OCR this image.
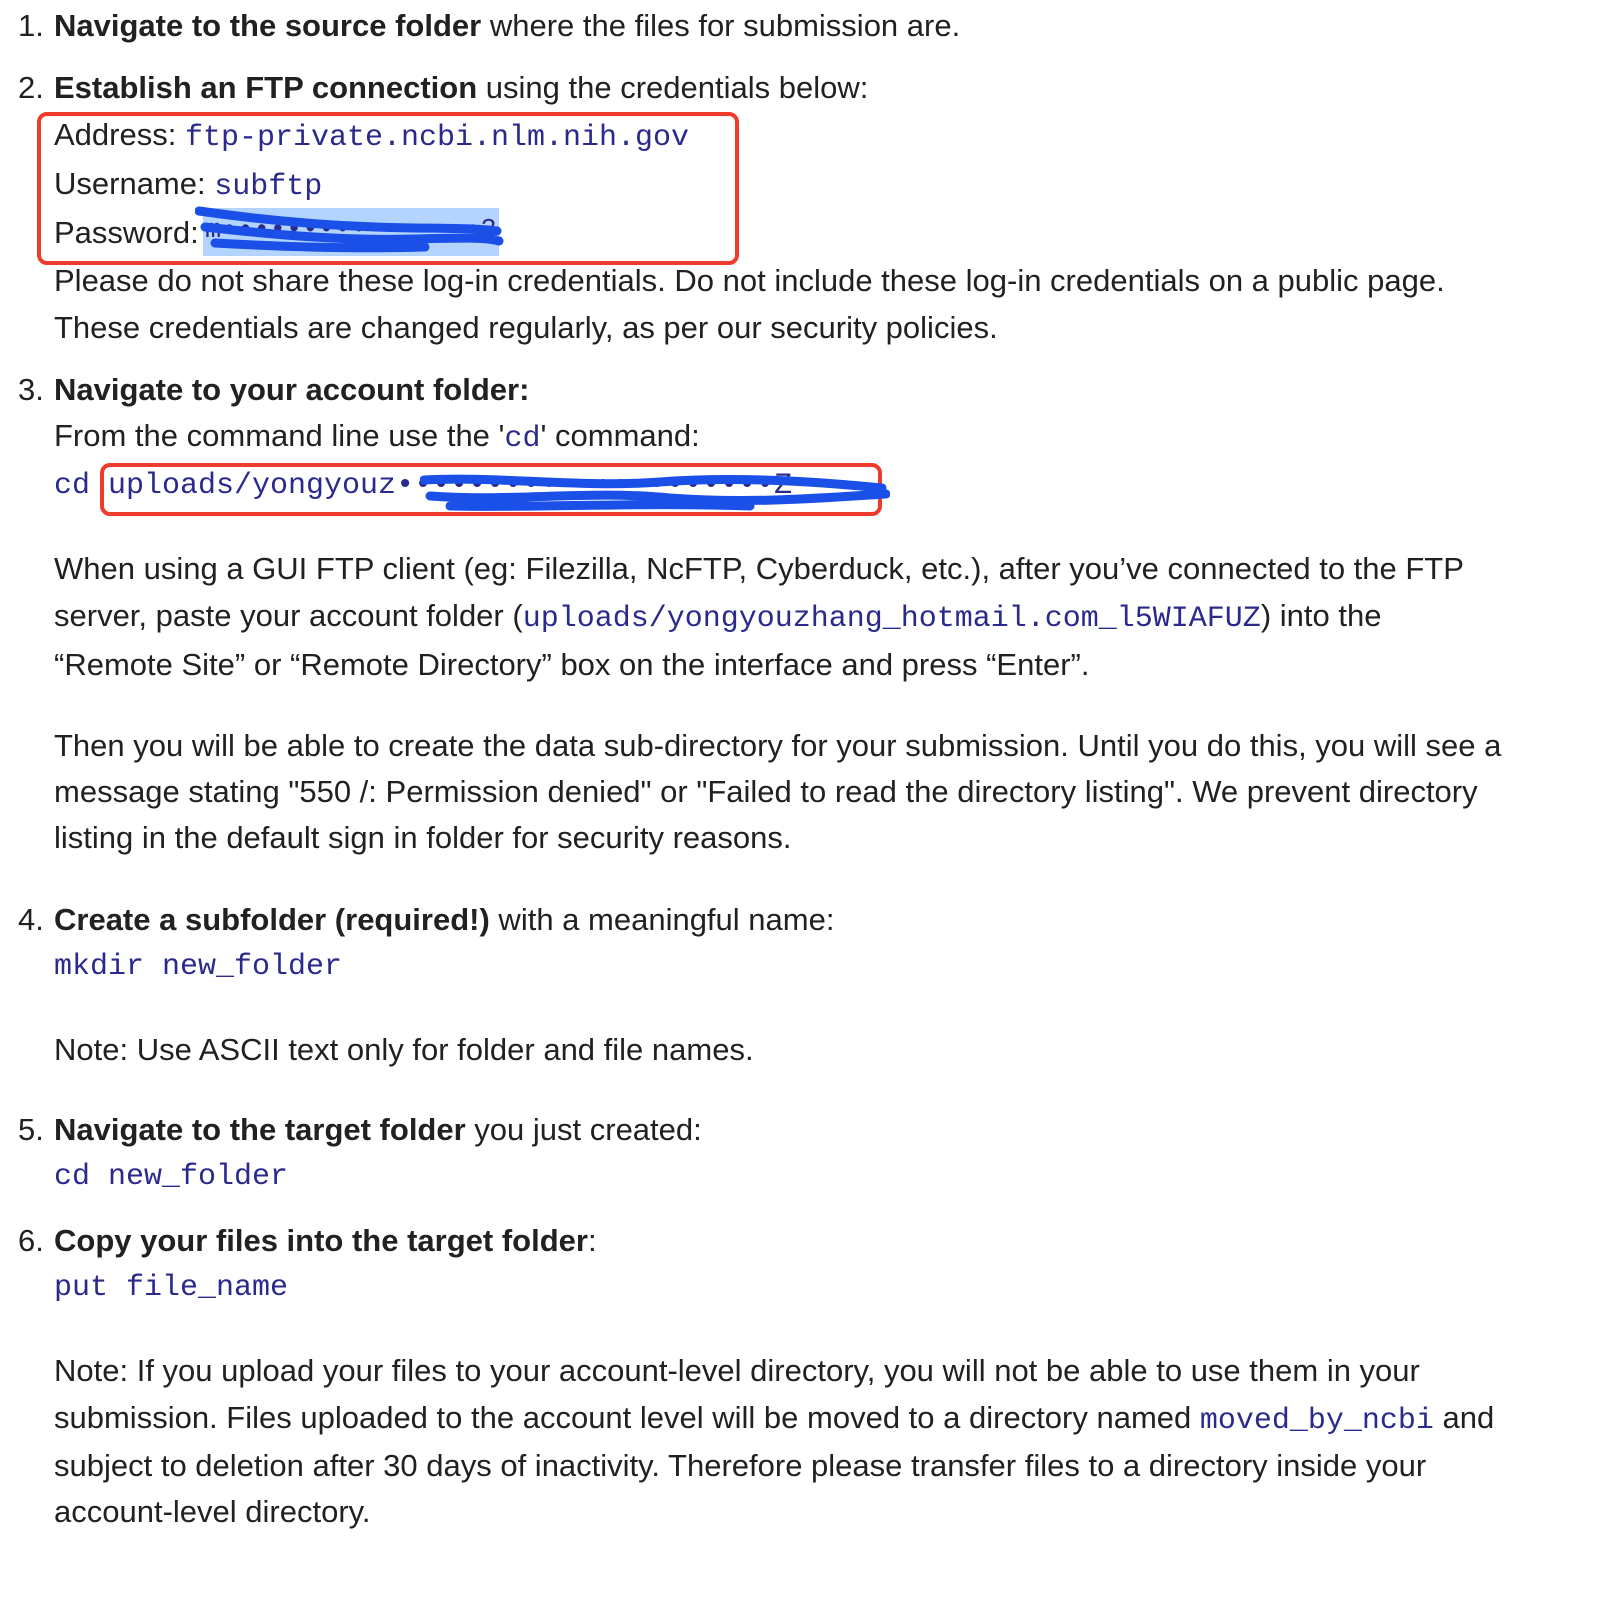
1. Navigate to the source folder where the files for submission are.
2. Establish an FTP connection using the credentials below:
Address: ftp-private.ncbi.nlm.nih.gov
Username: subftp
Password: m••••••••••••••••3
Please do not share these log-in credentials. Do not include these log-in credentials on a public page.
These credentials are changed regularly, as per our security policies.
3. Navigate to your account folder:
From the command line use the 'cd' command:
cd uploads/yongyouz•••••••••••••••••••••Z
When using a GUI FTP client (eg: Filezilla, NcFTP, Cyberduck, etc.), after you’ve connected to the FTP
server, paste your account folder (uploads/yongyouzhang_hotmail.com_l5WIAFUZ) into the
“Remote Site” or “Remote Directory” box on the interface and press “Enter”.
Then you will be able to create the data sub-directory for your submission. Until you do this, you will see a
message stating "550 /: Permission denied" or "Failed to read the directory listing". We prevent directory
listing in the default sign in folder for security reasons.
4. Create a subfolder (required!) with a meaningful name:
mkdir new_folder
Note: Use ASCII text only for folder and file names.
5. Navigate to the target folder you just created:
cd new_folder
6. Copy your files into the target folder:
put file_name
Note: If you upload your files to your account-level directory, you will not be able to use them in your
submission. Files uploaded to the account level will be moved to a directory named moved_by_ncbi and
subject to deletion after 30 days of inactivity. Therefore please transfer files to a directory inside your
account-level directory.
